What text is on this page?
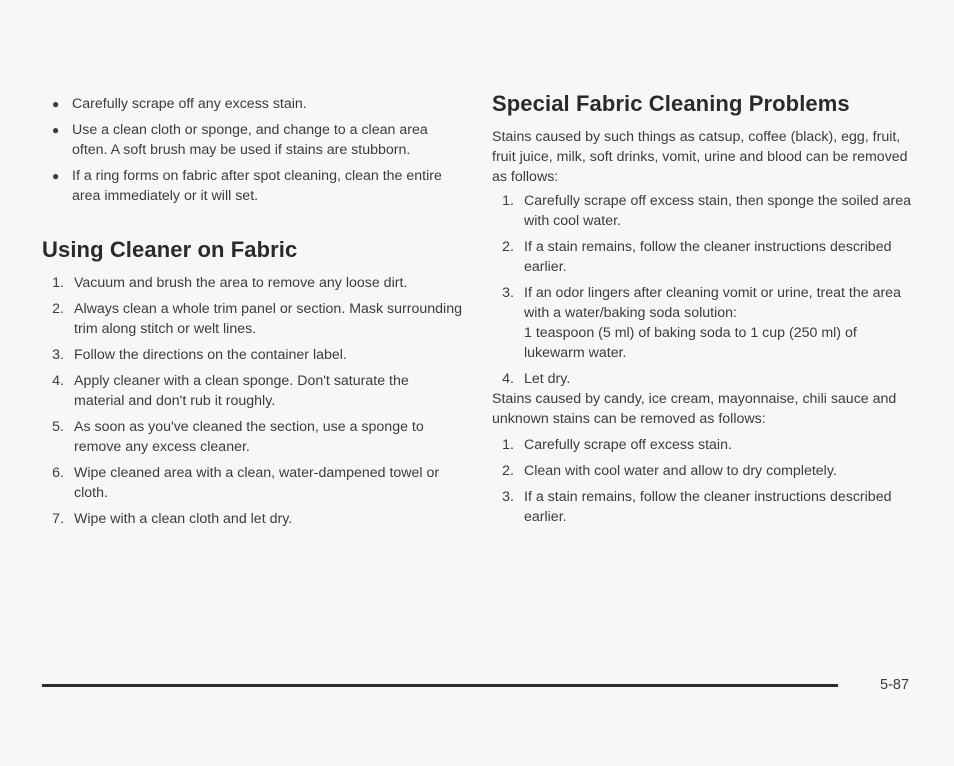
● Carefully scrape off any excess stain.
● Use a clean cloth or sponge, and change to a clean area often. A soft brush may be used if stains are stubborn.
● If a ring forms on fabric after spot cleaning, clean the entire area immediately or it will set.
Using Cleaner on Fabric
1. Vacuum and brush the area to remove any loose dirt.
2. Always clean a whole trim panel or section. Mask surrounding trim along stitch or welt lines.
3. Follow the directions on the container label.
4. Apply cleaner with a clean sponge. Don't saturate the material and don't rub it roughly.
5. As soon as you've cleaned the section, use a sponge to remove any excess cleaner.
6. Wipe cleaned area with a clean, water-dampened towel or cloth.
7. Wipe with a clean cloth and let dry.
Special Fabric Cleaning Problems

Stains caused by such things as catsup, coffee (black), egg, fruit, fruit juice, milk, soft drinks, vomit, urine and blood can be removed as follows:

1. Carefully scrape off excess stain, then sponge the soiled area with cool water.
2. If a stain remains, follow the cleaner instructions described earlier.
3. If an odor lingers after cleaning vomit or urine, treat the area with a water/baking soda solution:
1 teaspoon (5 ml) of baking soda to 1 cup (250 ml) of lukewarm water.
4. Let dry.

Stains caused by candy, ice cream, mayonnaise, chili sauce and unknown stains can be removed as follows:

1. Carefully scrape off excess stain.
2. Clean with cool water and allow to dry completely.
3. If a stain remains, follow the cleaner instructions described earlier.
5-87
